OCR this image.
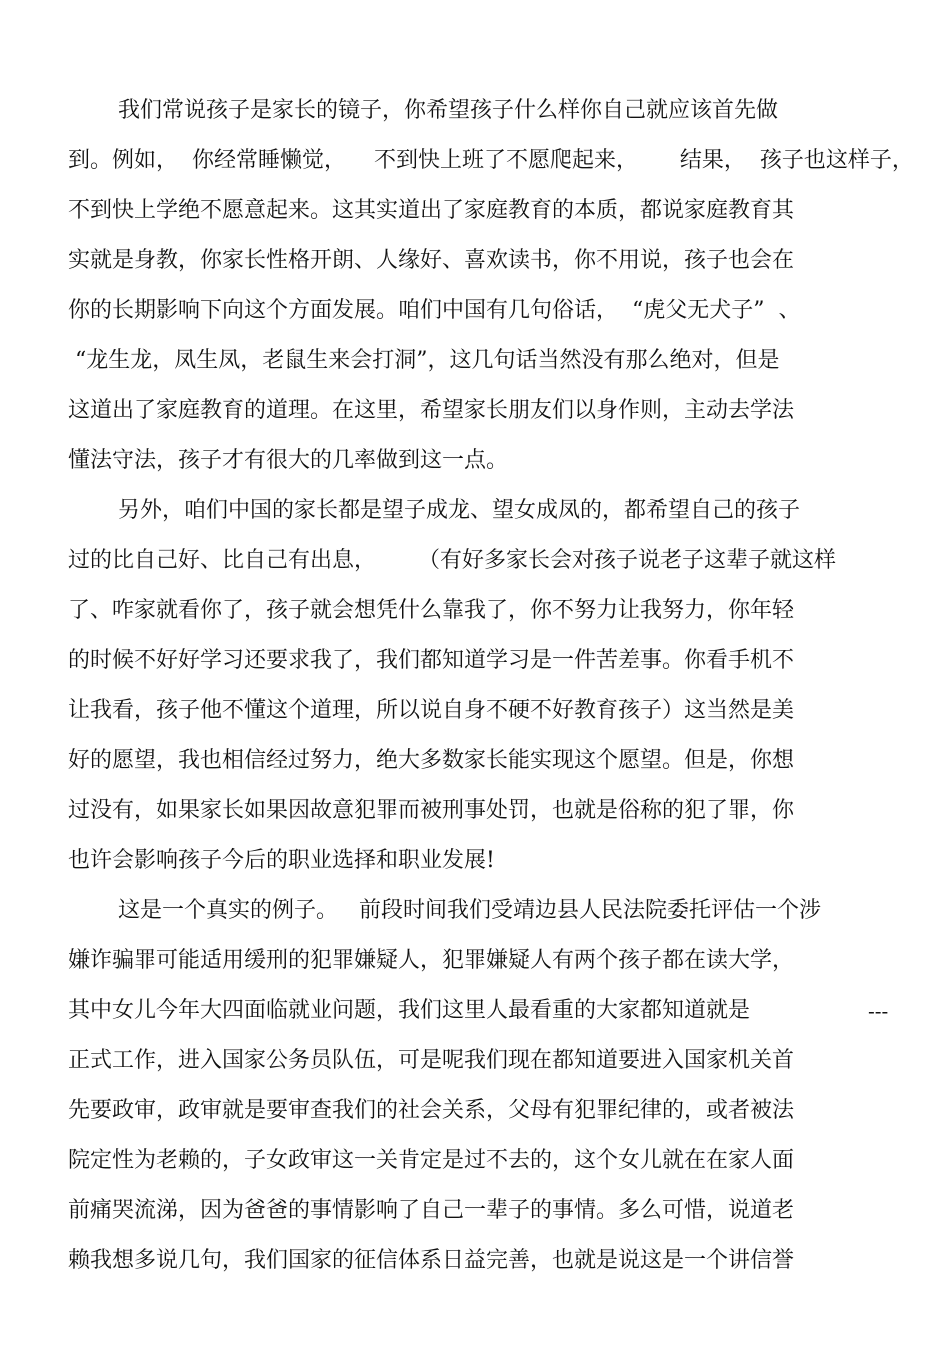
我们常说孩子是家长的镜子，你希望孩子什么样你自己就应该首先做
到。例如，  你经常睡懒觉，    不到快上班了不愿爬起来，      结果，  孩子也这样子，
不到快上学绝不愿意起来。这其实道出了家庭教育的本质，都说家庭教育其
实就是身教，你家长性格开朗、人缘好、喜欢读书，你不用说，孩子也会在
你的长期影响下向这个方面发展。咱们中国有几句俗话，  “虎父无犬子”  、
“龙生龙，凤生凤，老鼠生来会打洞”，这几句话当然没有那么绝对，但是
这道出了家庭教育的道理。在这里，希望家长朋友们以身作则，主动去学法
懂法守法，孩子才有很大的几率做到这一点。
另外，咱们中国的家长都是望子成龙、望女成凤的，都希望自己的孩子
过的比自己好、比自己有出息，      （有好多家长会对孩子说老子这辈子就这样
了、咋家就看你了，孩子就会想凭什么靠我了，你不努力让我努力，你年轻
的时候不好好学习还要求我了，我们都知道学习是一件苦差事。你看手机不
让我看，孩子他不懂这个道理，所以说自身不硬不好教育孩子）这当然是美
好的愿望，我也相信经过努力，绝大多数家长能实现这个愿望。但是，你想
过没有，如果家长如果因故意犯罪而被刑事处罚，也就是俗称的犯了罪，你
也许会影响孩子今后的职业选择和职业发展!
这是一个真实的例子。   前段时间我们受靖边县人民法院委托评估一个涉
嫌诈骗罪可能适用缓刑的犯罪嫌疑人，犯罪嫌疑人有两个孩子都在读大学，
其中女儿今年大四面临就业问题，我们这里人最看重的大家都知道就是	---
正式工作，进入国家公务员队伍，可是呢我们现在都知道要进入国家机关首
先要政审，政审就是要审查我们的社会关系，父母有犯罪纪律的，或者被法
院定性为老赖的，子女政审这一关肯定是过不去的，这个女儿就在在家人面
前痛哭流涕，因为爸爸的事情影响了自己一辈子的事情。多么可惜，说道老
赖我想多说几句，我们国家的征信体系日益完善，也就是说这是一个讲信誉
